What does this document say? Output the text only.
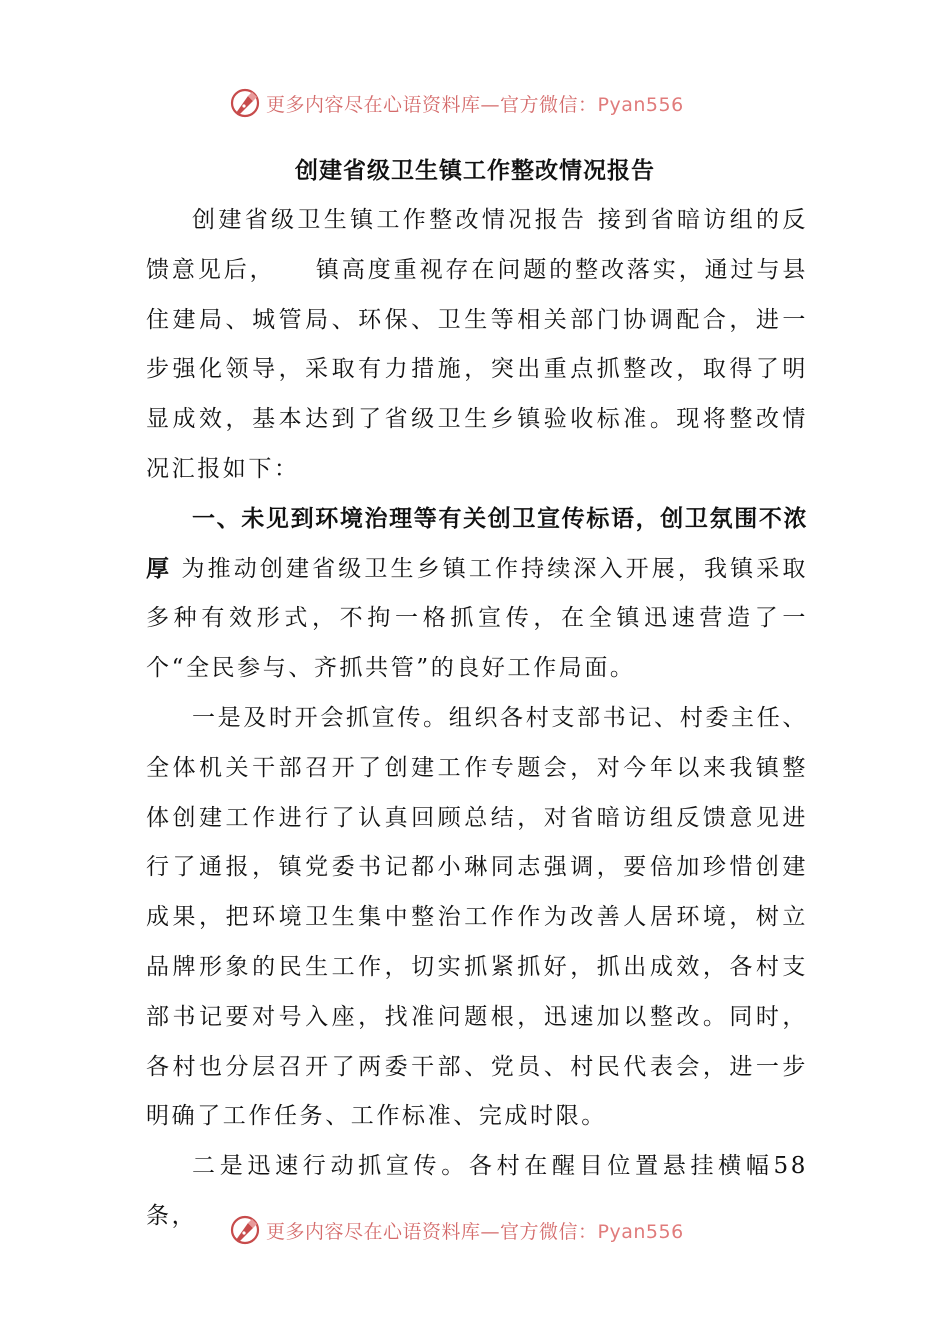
更多内容尽在心语资料库—官方微信：Pyan556
创建省级卫生镇工作整改情况报告

创建省级卫生镇工作整改情况报告 接到省暗访组的反馈意见后，　　镇高度重视存在问题的整改落实，通过与县住建局、城管局、环保、卫生等相关部门协调配合，进一步强化领导，采取有力措施，突出重点抓整改，取得了明显成效，基本达到了省级卫生乡镇验收标准。现将整改情况汇报如下：

一、未见到环境治理等有关创卫宣传标语，创卫氛围不浓厚 为推动创建省级卫生乡镇工作持续深入开展，我镇采取多种有效形式，不拘一格抓宣传，在全镇迅速营造了一个“全民参与、齐抓共管”的良好工作局面。

一是及时开会抓宣传。组织各村支部书记、村委主任、全体机关干部召开了创建工作专题会，对今年以来我镇整体创建工作进行了认真回顾总结，对省暗访组反馈意见进行了通报，镇党委书记都小琳同志强调，要倍加珍惜创建成果，把环境卫生集中整治工作作为改善人居环境，树立品牌形象的民生工作，切实抓紧抓好，抓出成效，各村支部书记要对号入座，找准问题根，迅速加以整改。同时，各村也分层召开了两委干部、党员、村民代表会，进一步明确了工作任务、工作标准、完成时限。

二是迅速行动抓宣传。各村在醒目位置悬挂横幅58条，

更多内容尽在心语资料库—官方微信：Pyan556
